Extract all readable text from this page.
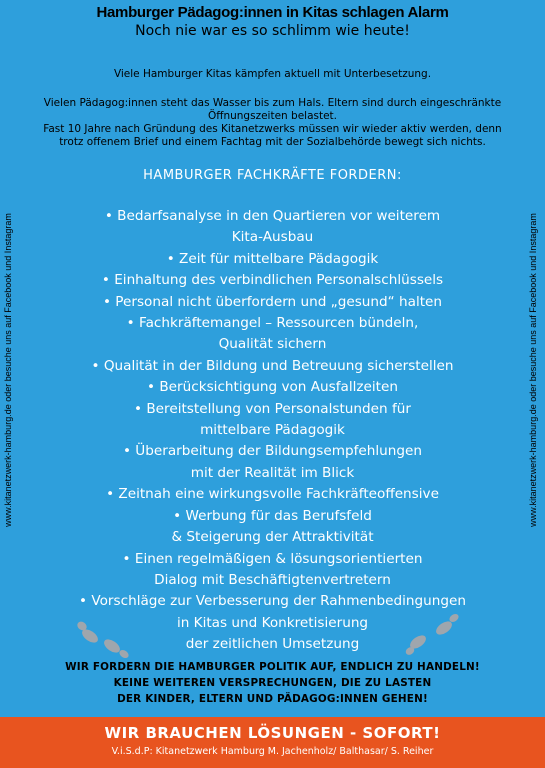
Hamburger Pädagog:innen in Kitas schlagen Alarm
Noch nie war es so schlimm wie heute!
Viele Hamburger Kitas kämpfen aktuell mit Unterbesetzung.
Vielen Pädagog:innen steht das Wasser bis zum Hals. Eltern sind durch eingeschränkte
Öffnungszeiten belastet.
Fast 10 Jahre nach Gründung des Kitanetzwerks müssen wir wieder aktiv werden, denn
trotz offenem Brief und einem Fachtag mit der Sozialbehörde bewegt sich nichts.
HAMBURGER FACHKRÄFTE FORDERN:
• Bedarfsanalyse in den Quartieren vor weiterem
Kita-Ausbau
• Zeit für mittelbare Pädagogik
• Einhaltung des verbindlichen Personalschlüssels
• Personal nicht überfordern und „gesund“ halten
• Fachkräftemangel – Ressourcen bündeln,
Qualität sichern
• Qualität in der Bildung und Betreuung sicherstellen
• Berücksichtigung von Ausfallzeiten
• Bereitstellung von Personalstunden für
mittelbare Pädagogik
• Überarbeitung der Bildungsempfehlungen
mit der Realität im Blick
• Zeitnah eine wirkungsvolle Fachkräfteoffensive
• Werbung für das Berufsfeld
& Steigerung der Attraktivität
• Einen regelmäßigen & lösungsorientierten
Dialog mit Beschäftigtenvertretern
• Vorschläge zur Verbesserung der Rahmenbedingungen
in Kitas und Konkretisierung
der zeitlichen Umsetzung
www.kitanetzwerk-hamburg.de oder besuche uns auf Facebook und Instagram	www.kitanetzwerk-hamburg.de oder besuche uns auf Facebook und Instagram
WIR FORDERN DIE HAMBURGER POLITIK AUF, ENDLICH ZU HANDELN!
KEINE WEITEREN VERSPRECHUNGEN, DIE ZU LASTEN
DER KINDER, ELTERN UND PÄDAGOG:INNEN GEHEN!
WIR BRAUCHEN LÖSUNGEN - SOFORT!
V.i.S.d.P: Kitanetzwerk Hamburg M. Jachenholz/ Balthasar/ S. Reiher
